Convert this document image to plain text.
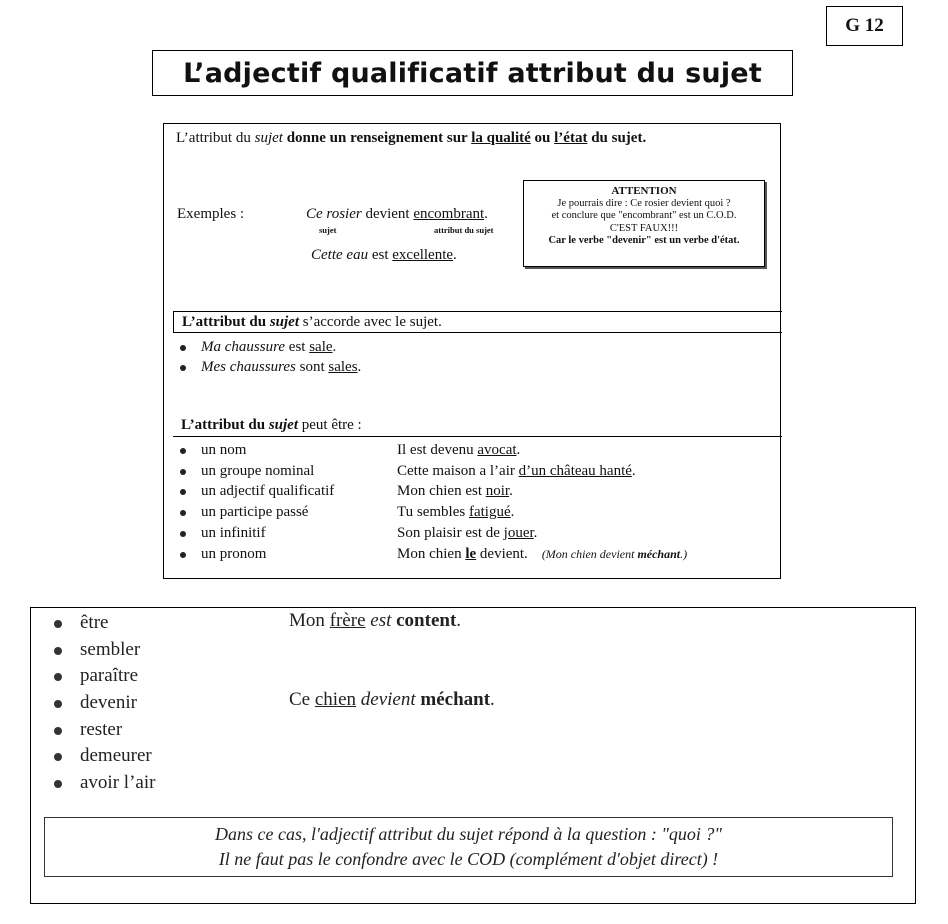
G 12
L’adjectif qualificatif attribut du sujet
L’attribut du sujet donne un renseignement sur la qualité ou l’état du sujet.
Exemples :	Ce rosier devient encombrant.
sujet	attribut du sujet
Cette eau est excellente.
ATTENTION
Je pourrais dire : Ce rosier devient quoi ?
et conclure que "encombrant" est un C.O.D.
C'EST FAUX!!!
Car le verbe "devenir" est un verbe d'état.
L’attribut du sujet s’accorde avec le sujet.
Ma chaussure est sale.
Mes chaussures sont sales.
L’attribut du sujet peut être :
un nom	Il est devenu avocat.
un groupe nominal	Cette maison a l’air d’un château hanté.
un adjectif qualificatif	Mon chien est noir.
un participe passé	Tu sembles fatigué.
un infinitif	Son plaisir est de jouer.
un pronom	Mon chien le devient. (Mon chien devient méchant.)
être
sembler
paraître
devenir
rester
demeurer
avoir l’air
Mon frère est content.
Ce chien devient méchant.
Dans ce cas, l'adjectif attribut du sujet répond à la question : "quoi ?"
Il ne faut pas le confondre avec le COD (complément d'objet direct) !
